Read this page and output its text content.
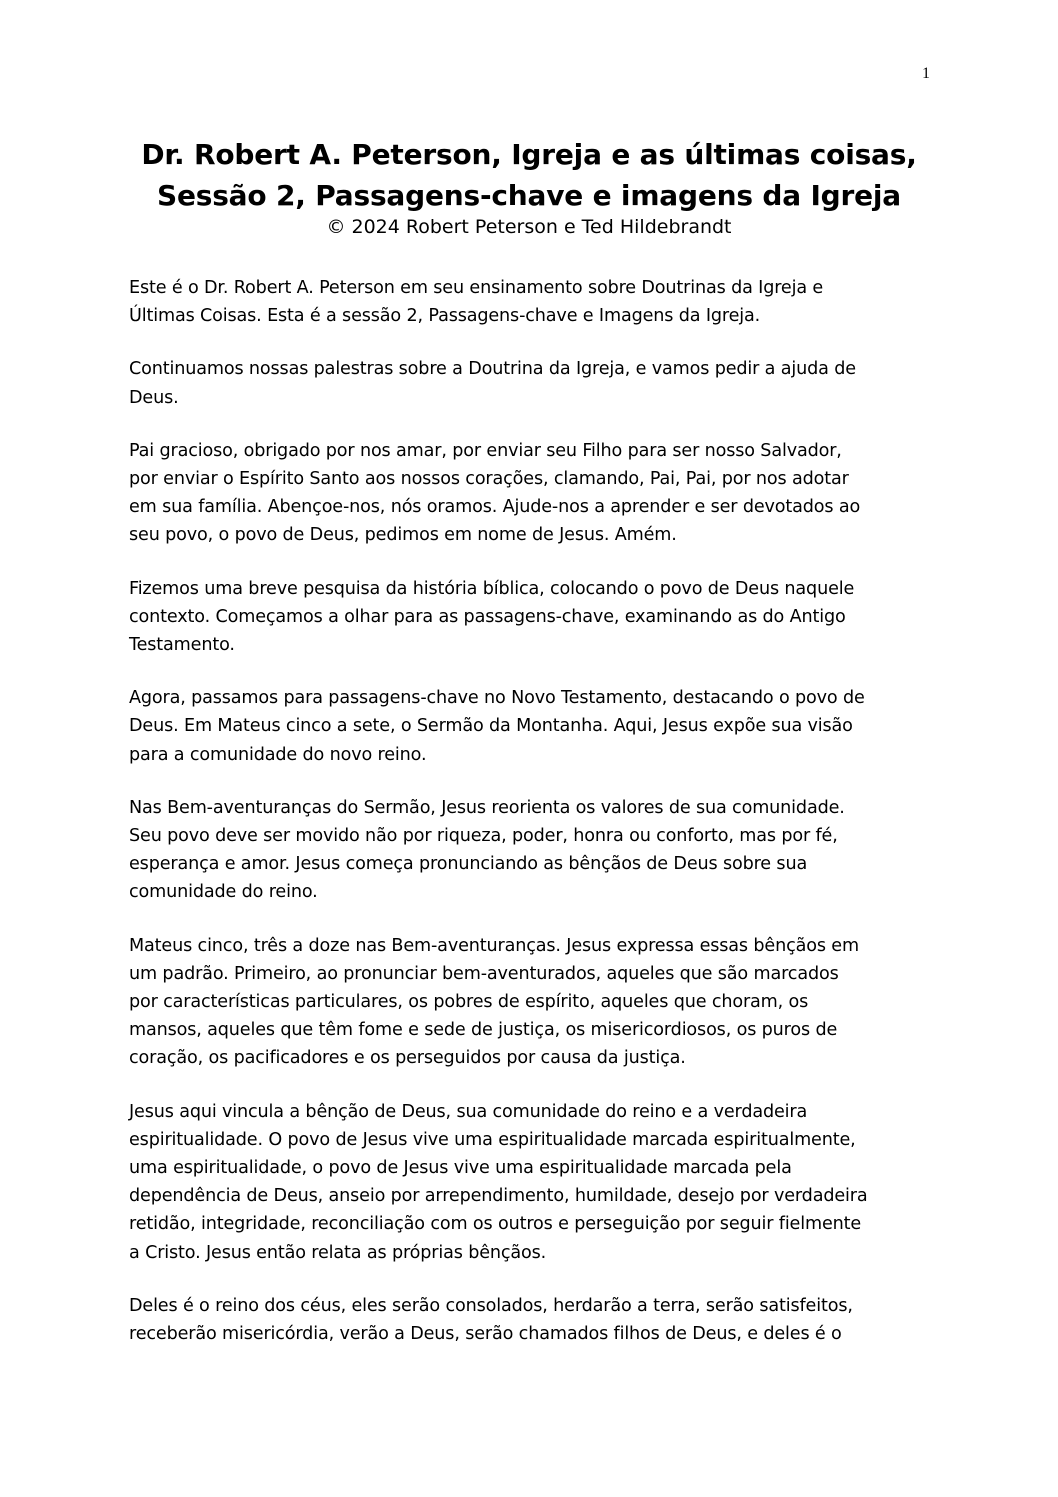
1
Dr. Robert A. Peterson, Igreja e as últimas coisas,
Sessão 2, Passagens-chave e imagens da Igreja
© 2024 Robert Peterson e Ted Hildebrandt

Este é o Dr. Robert A. Peterson em seu ensinamento sobre Doutrinas da Igreja e
Últimas Coisas. Esta é a sessão 2, Passagens-chave e Imagens da Igreja.

Continuamos nossas palestras sobre a Doutrina da Igreja, e vamos pedir a ajuda de
Deus.

Pai gracioso, obrigado por nos amar, por enviar seu Filho para ser nosso Salvador,
por enviar o Espírito Santo aos nossos corações, clamando, Pai, Pai, por nos adotar
em sua família. Abençoe-nos, nós oramos. Ajude-nos a aprender e ser devotados ao
seu povo, o povo de Deus, pedimos em nome de Jesus. Amém.

Fizemos uma breve pesquisa da história bíblica, colocando o povo de Deus naquele
contexto. Começamos a olhar para as passagens-chave, examinando as do Antigo
Testamento.

Agora, passamos para passagens-chave no Novo Testamento, destacando o povo de
Deus. Em Mateus cinco a sete, o Sermão da Montanha. Aqui, Jesus expõe sua visão
para a comunidade do novo reino.

Nas Bem-aventuranças do Sermão, Jesus reorienta os valores de sua comunidade.
Seu povo deve ser movido não por riqueza, poder, honra ou conforto, mas por fé,
esperança e amor. Jesus começa pronunciando as bênçãos de Deus sobre sua
comunidade do reino.

Mateus cinco, três a doze nas Bem-aventuranças. Jesus expressa essas bênçãos em
um padrão. Primeiro, ao pronunciar bem-aventurados, aqueles que são marcados
por características particulares, os pobres de espírito, aqueles que choram, os
mansos, aqueles que têm fome e sede de justiça, os misericordiosos, os puros de
coração, os pacificadores e os perseguidos por causa da justiça.

Jesus aqui vincula a bênção de Deus, sua comunidade do reino e a verdadeira
espiritualidade. O povo de Jesus vive uma espiritualidade marcada espiritualmente,
uma espiritualidade, o povo de Jesus vive uma espiritualidade marcada pela
dependência de Deus, anseio por arrependimento, humildade, desejo por verdadeira
retidão, integridade, reconciliação com os outros e perseguição por seguir fielmente
a Cristo. Jesus então relata as próprias bênçãos.

Deles é o reino dos céus, eles serão consolados, herdarão a terra, serão satisfeitos,
receberão misericórdia, verão a Deus, serão chamados filhos de Deus, e deles é o
